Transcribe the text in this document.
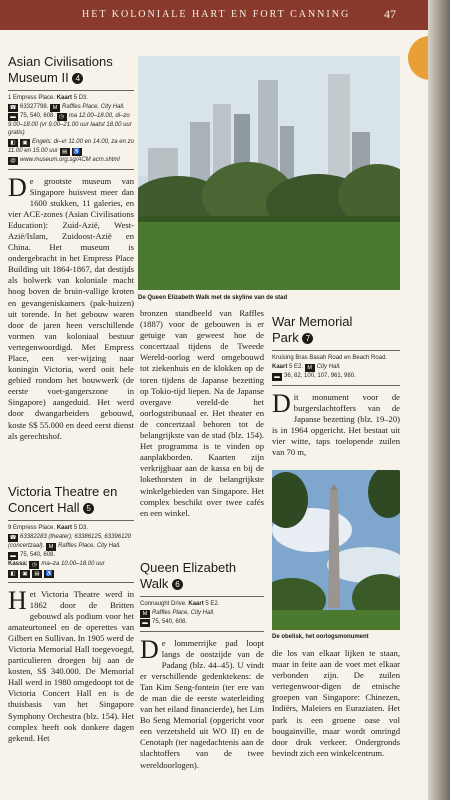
HET KOLONIALE HART EN FORT CANNING	47
Asian Civilisations
Museum II 4
1 Empress Place. Kaart 5 D3.
☎ 63327798. M Raffles Place, City Hall.
▬ 75, 540, 608. ◷ ma 12.00–18.00, di–zo 9.00–18.00 (vr 9.00–21.00 uur laatst 18.00 uur gratis)
◧ ▣ Engels: di–vr 11.00 en 14.00, za en zo 11.00 en 15.00 uur ▤ ♿
@ www.museum.org.sg/ACM acm.shtml
De grootste museum van Singapore huisvest meer dan 1600 stukken, 11 galeries, en vier ACE-zones (Asian Civilisations Education): Zuid-Azië, West-Azië/Islam, Zuidoost-Azië en China. Het museum is ondergebracht in het Empress Place Building uit 1864-1867, dat destijds als bolwerk van koloniale macht hoog boven de bruin-vallige kroten en gevangeniskamers (pak-huizen) uit torende. In het gebouw waren door de jaren heen verschillende vormen van koloniaal bestuur vertegenwoordigd. Met Empress Place, een ver-wijzing naar koningin Victoria, werd ooit hele gebied rondom het bouwwerk (de eerste voet-gangerszone in Singapore) aangeduid. Het werd door dwangarbeiders gebouwd, koste S$ 55.000 en deed eerst dienst als gerechtshof.
Victoria Theatre en
Concert Hall 5
9 Empress Place. Kaart 5 D3.
☎ 63382283 (theater); 63386125, 63396120 (concertzaal). M Raffles Place, City Hall. ▬ 75, 540, 608.
Kassa: ◷ ma–za 10.00–18.00 uur
◧ ▣ ▤ ♿
Het Victoria Theatre werd in 1862 door de Britten gebouwd als podium voor het amateurtoneel en de operettes van Gilbert en Sullivan. In 1905 werd de Victoria Memorial Hall toegevoegd, particulieren droegen bij aan de kosten, S$ 340.000. De Memorial Hall werd in 1980 omgedoopt tot de Victoria Concert Hall en is de thuisbasis van het Singapore Symphony Orchestra (blz. 154). Het complex heeft ook donkere dagen gekend. Het
De Queen Elizabeth Walk met de skyline van de stad
bronzen standbeeld van Raffles (1887) voor de gebouwen is er getuige van geweest hoe de concertzaal tijdens de Tweede Wereld-oorlog werd omgebouwd tot ziekenhuis en de klokken op de toren tijdens de Japanse bezetting op Tokio-tijd liepen. Na de Japanse overgave vereld-de het oorlogstribunaal er. Het theater en de concertzaal behoren tot de belangrijkste van de stad (blz. 154). Het programma is te vinden op aanplakborden. Kaarten zijn verkrijgbaar aan de kassa en bij de lokethorsten in de belangrijkste winkelgebieden van Singapore. Het complex beschikt over twee cafés en een winkel.
Queen Elizabeth
Walk 6
Connaught Drive. Kaart 5 E2.
M Raffles Place, City Hall.
▬ 75, 540, 608.
De lommerrijke pad loopt langs de oostzijde van de Padang (blz. 44–45). U vindt er verschillende gedenktekens: de Tan Kim Seng-fontein (ter ere van de man die de eerste waterleiding van het eiland financierde), het Lim Bo Seng Memorial (opgericht voor een verzetsheld uit WO II) en de Cenotaph (ter nagedachtenis aan de slachtoffers van de twee wereldoorlogen).
War Memorial
Park 7
Kruising Bras Basah Road en Beach Road. Kaart 5 E2. M City Hall.
▬ 36, 82, 100, 107, 961, 980.
Dit monument voor de burgerslachtoffers van de Japanse bezetting (blz. 19–20) is in 1964 opgericht. Het bestaat uit vier witte, taps toelopende zuilen van 70 m,
De obelisk, het oorlogsmonument
die los van elkaar lijken te staan, maar in feite aan de voet met elkaar verbonden zijn. De zuilen vertegenwoor-digen de etnische groepen van Singapore: Chinezen, Indiërs, Maleiers en Euraziaten. Het park is een groene oase vol bougainville, maar wordt omringd door druk verkeer. Ondergronds bevindt zich een winkelcentrum.
